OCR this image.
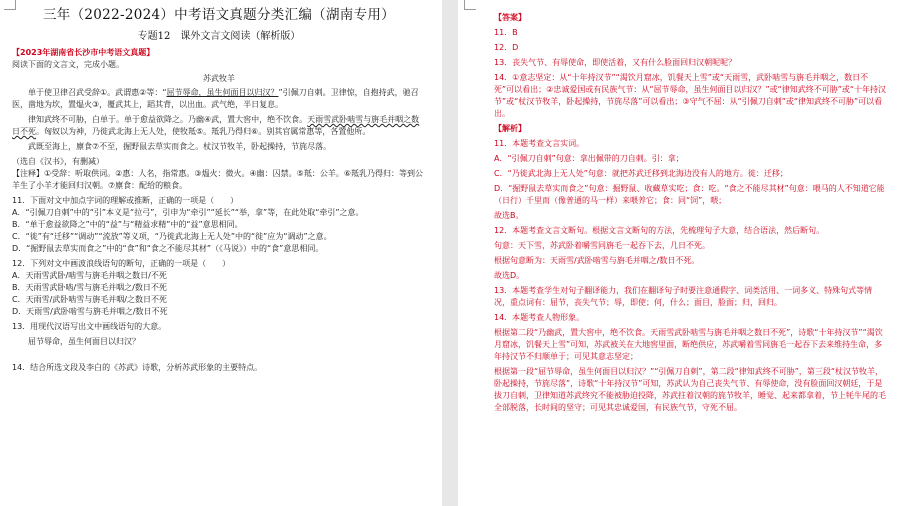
三年（2022-2024）中考语文真题分类汇编（湖南专用）
专题12　课外文言文阅读（解析版）
【2023年湖南省长沙市中考语文真题】
阅读下面的文言文，完成小题。
苏武牧羊
单于使卫律召武受辞①。武谓惠②等：“屈节辱命，虽生何面目以归汉？”引佩刀自刺。卫律惊，自抱持武，驰召医，凿地为坎，置煴火③，覆武其上，蹈其背，以出血。武气绝，半日复息。
律知武终不可胁，白单于。单于愈益欲降之。乃幽④武，置大窖中，绝不饮食。天雨雪武卧啮雪与旃毛并咽之数日不死。匈奴以为神，乃徙武北海上无人处，使牧羝⑤。羝乳乃得归⑥。别其官属常惠等，各置他所。
武既至海上，廪食⑦不至，掘野鼠去草实而食之。杖汉节牧羊，卧起操持，节旄尽落。
（选自《汉书》，有删减）
【注释】①受辞：听取供词。②惠：人名，指常惠。③煴火：微火。④幽：囚禁。⑤羝：公羊。⑥羝乳乃得归：等到公羊生了小羊才能回归汉朝。⑦廪食：配给的粮食。
11．下面对文中加点字词的理解或推断，正确的一项是（　　）
A．“引佩刀自刺”中的“引”本义是“拉弓”，引申为“牵引”“延长”“举，拿”等，在此处取“牵引”之意。
B．“单于愈益欲降之”中的“益”与“精益求精”中的“益”意思相同。
C．“徙”有“迁移”“调动”“流放”等义项，“乃徙武北海上无人处”中的“徙”应为“调动”之意。
D．“掘野鼠去草实而食之”中的“食”和“食之不能尽其材”（《马说》）中的“食”意思相同。
12．下列对文中画波浪线语句的断句，正确的一项是（　　）
A．天雨雪武卧/啮雪与旃毛并咽之数日/不死
B．天雨雪武卧啮/雪与旃毛并咽之/数日不死
C．天雨雪/武卧啮雪与旃毛并咽/之数日不死
D．天雨雪/武卧啮雪与旃毛并咽之/数日不死
13．用现代汉语写出文中画线语句的大意。
屈节辱命，虽生何面目以归汉？
14．结合所选文段及李白的《苏武》诗歌，分析苏武形象的主要特点。
【答案】
11．B
12．D
13．丧失气节、有辱使命，即使活着，又有什么脸面回归汉朝呢呢？
14．①意志坚定：从“十年持汉节”“渴饮月窟冰，饥餐天上雪”或“天雨雪，武卧啮雪与旃毛并咽之，数日不死”可以看出；②忠诚爱国或有民族气节：从“屈节辱命，虽生何面目以归汉？”或“律知武终不可胁”或“十年持汉节”或“杖汉节牧羊，卧起操持，节旄尽落”可以看出；③守气不屈：从“引佩刀自刺”或“律知武终不可胁”可以看出。
【解析】
11．本题考查文言实词。
A．“引佩刀自刺”句意：拿出佩带的刀自刺。引：拿；
C．“乃徙武北海上无人处”句意：就把苏武迁移到北海边没有人的地方。徙：迁移；
D．“掘野鼠去草实而食之”句意：掘野鼠、收藏草实吃；食：吃。“食之不能尽其材”句意：喂马的人不知道它能（日行）千里而（像普通的马一样）来喂养它；食：同“饲”，喂；
故选B。
12．本题考查文言文断句。根据文言文断句的方法，先梳理句子大意，结合语法，然后断句。
句意：天下雪，苏武卧着嚼雪同旃毛一起吞下去，几日不死。
根据句意断为：天雨雪/武卧啮雪与旃毛并咽之/数日不死。
故选D。
13．本题考查学生对句子翻译能力，我们在翻译句子时要注意通假字、词类活用、一词多义、特殊句式等情况，重点词有：屈节，丧失气节；辱，即使；何，什么；面目，脸面；归，回归。
14．本题考查人物形象。
根据第二段“乃幽武，置大窖中，绝不饮食。天雨雪武卧啮雪与旃毛并咽之数日不死”，诗歌“十年持汉节”“渴饮月窟冰，饥餐天上雪”可知，苏武被关在大地窖里面，断绝供应，苏武嚼着雪同旃毛一起吞下去来维持生命，多年持汉节不归顺单于；可见其意志坚定；
根据第一段“屈节辱命，虽生何面目以归汉？”“引佩刀自刺”，第二段“律知武终不可胁”，第三段“杖汉节牧羊，卧起操持，节旄尽落”，诗歌“十年持汉节”可知，苏武认为自己丧失气节、有辱使命，没有脸面回汉朝廷，于是拔刀自刺，卫律知道苏武终究不能被胁迫投降，苏武拄着汉朝的旄节牧羊，睡觉、起来都拿着，节上牦牛尾的毛全部脱落，长时间的坚守；可见其忠诚爱国，有民族气节，守死不屈。
